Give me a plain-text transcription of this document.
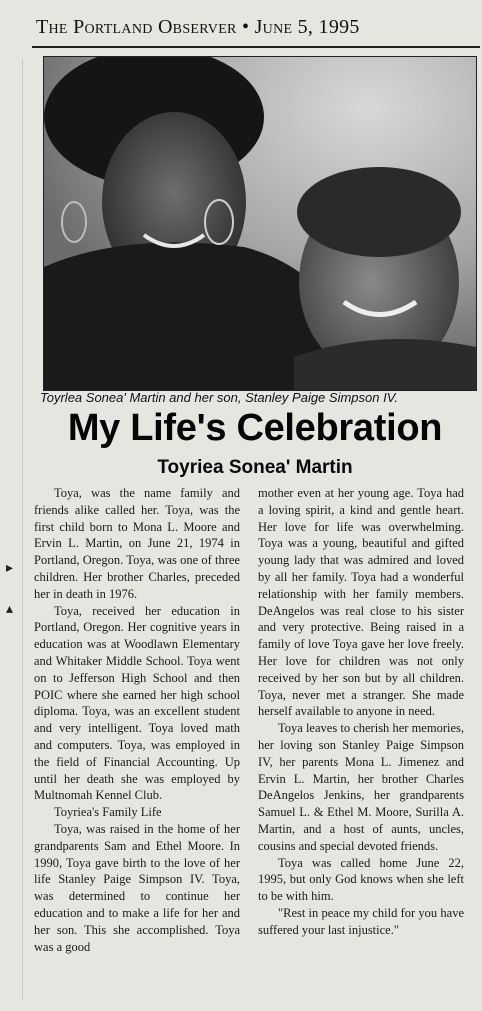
The Portland Observer • June 5, 1995
Toyrlea Sonea' Martin and her son, Stanley Paige Simpson IV.
My Life's Celebration
Toyriea Sonea' Martin

Toya, was the name family and friends alike called her. Toya, was the first child born to Mona L. Moore and Ervin L. Martin, on June 21, 1974 in Portland, Oregon. Toya, was one of three children. Her brother Charles, preceded her in death in 1976.

Toya, received her education in Portland, Oregon. Her cognitive years in education was at Woodlawn Elementary and Whitaker Middle School. Toya went on to Jefferson High School and then POIC where she earned her high school diploma. Toya, was an excellent student and very intelligent. Toya loved math and computers. Toya, was employed in the field of Financial Accounting. Up until her death she was employed by Multnomah Kennel Club.

Toyriea's Family Life

Toya, was raised in the home of her grandparents Sam and Ethel Moore. In 1990, Toya gave birth to the love of her life Stanley Paige Simpson IV. Toya, was determined to continue her education and to make a life for her and her son. This she accomplished. Toya was a good

mother even at her young age. Toya had a loving spirit, a kind and gentle heart. Her love for life was overwhelming. Toya was a young, beautiful and gifted young lady that was admired and loved by all her family. Toya had a wonderful relationship with her family members. DeAngelos was real close to his sister and very protective. Being raised in a family of love Toya gave her love freely. Her love for children was not only received by her son but by all children. Toya, never met a stranger. She made herself available to anyone in need.

Toya leaves to cherish her memories, her loving son Stanley Paige Simpson IV, her parents Mona L. Jimenez and Ervin L. Martin, her brother Charles DeAngelos Jenkins, her grandparents Samuel L. & Ethel M. Moore, Surilla A. Martin, and a host of aunts, uncles, cousins and special devoted friends.

Toya was called home June 22, 1995, but only God knows when she left to be with him.

"Rest in peace my child for you have suffered your last injustice."

▸
▴
